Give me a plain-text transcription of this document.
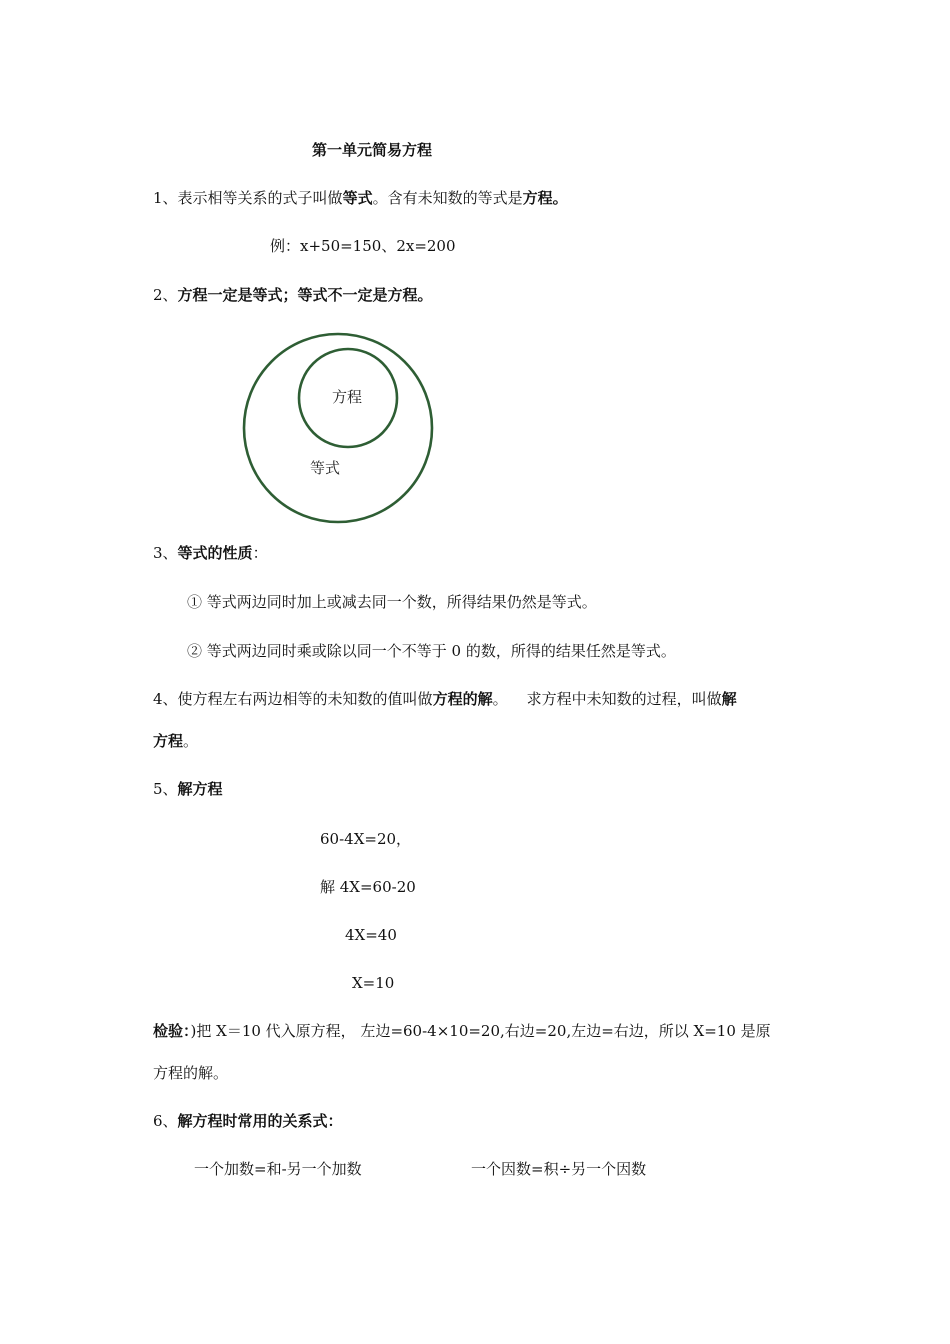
第一单元简易方程
1、表示相等关系的式子叫做等式。含有未知数的等式是方程。
例：x+50=150、2x=200
2、方程一定是等式；等式不一定是方程。
方程
等式
3、等式的性质：
① 等式两边同时加上或减去同一个数，所得结果仍然是等式。
② 等式两边同时乘或除以同一个不等于 0 的数，所得的结果任然是等式。
4、使方程左右两边相等的未知数的值叫做方程的解。    求方程中未知数的过程，叫做解
方程。
5、解方程
60-4X=20，
解 4X=60-20
4X=40
X=10
检验：)把 X＝10 代入原方程， 左边=60-4×10=20,右边=20,左边=右边，所以 X=10 是原
方程的解。
6、解方程时常用的关系式：
一个加数=和-另一个加数	一个因数=积÷另一个因数
